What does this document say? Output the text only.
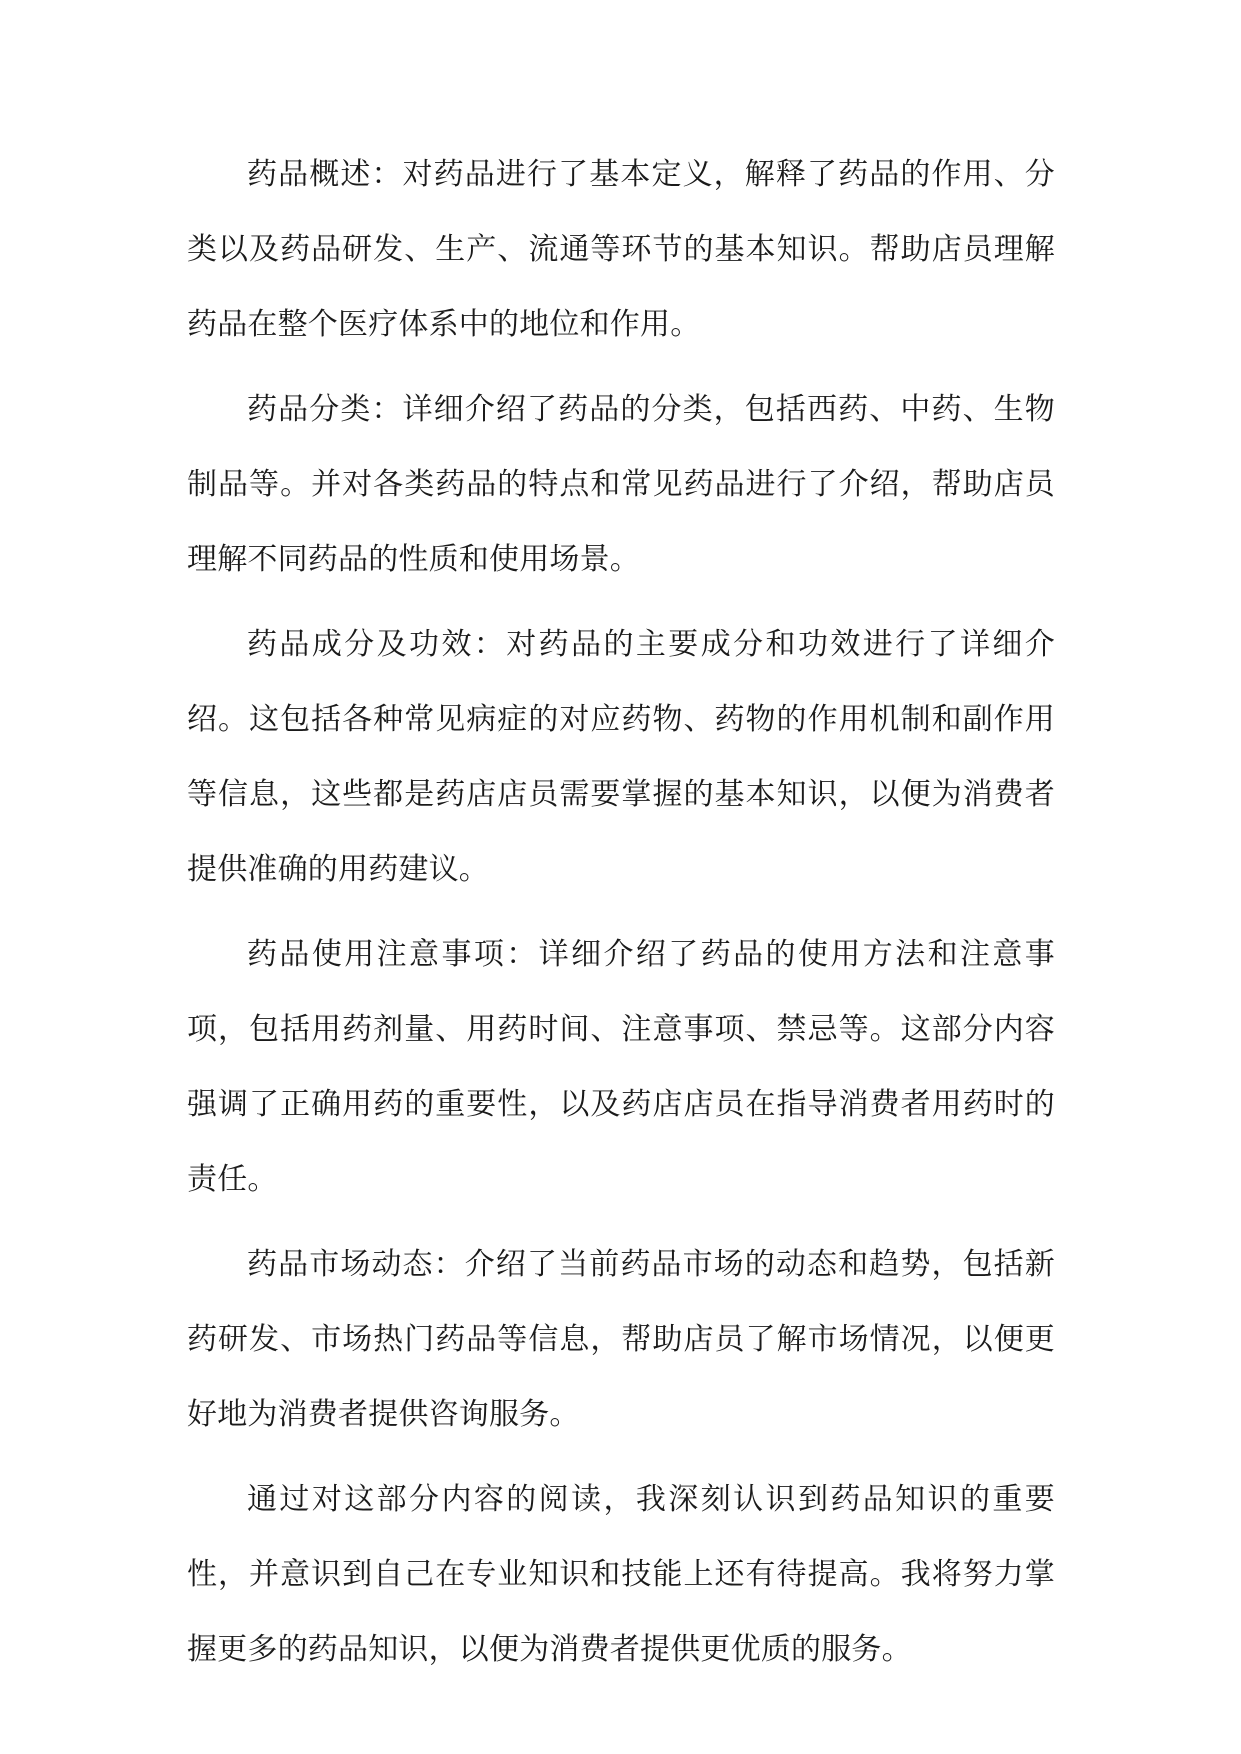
药品概述：对药品进行了基本定义，解释了药品的作用、分类以及药品研发、生产、流通等环节的基本知识。帮助店员理解药品在整个医疗体系中的地位和作用。

药品分类：详细介绍了药品的分类，包括西药、中药、生物制品等。并对各类药品的特点和常见药品进行了介绍，帮助店员理解不同药品的性质和使用场景。

药品成分及功效：对药品的主要成分和功效进行了详细介绍。这包括各种常见病症的对应药物、药物的作用机制和副作用等信息，这些都是药店店员需要掌握的基本知识，以便为消费者提供准确的用药建议。

药品使用注意事项：详细介绍了药品的使用方法和注意事项，包括用药剂量、用药时间、注意事项、禁忌等。这部分内容强调了正确用药的重要性，以及药店店员在指导消费者用药时的责任。

药品市场动态：介绍了当前药品市场的动态和趋势，包括新药研发、市场热门药品等信息，帮助店员了解市场情况，以便更好地为消费者提供咨询服务。

通过对这部分内容的阅读，我深刻认识到药品知识的重要性，并意识到自己在专业知识和技能上还有待提高。我将努力掌握更多的药品知识，以便为消费者提供更优质的服务。
